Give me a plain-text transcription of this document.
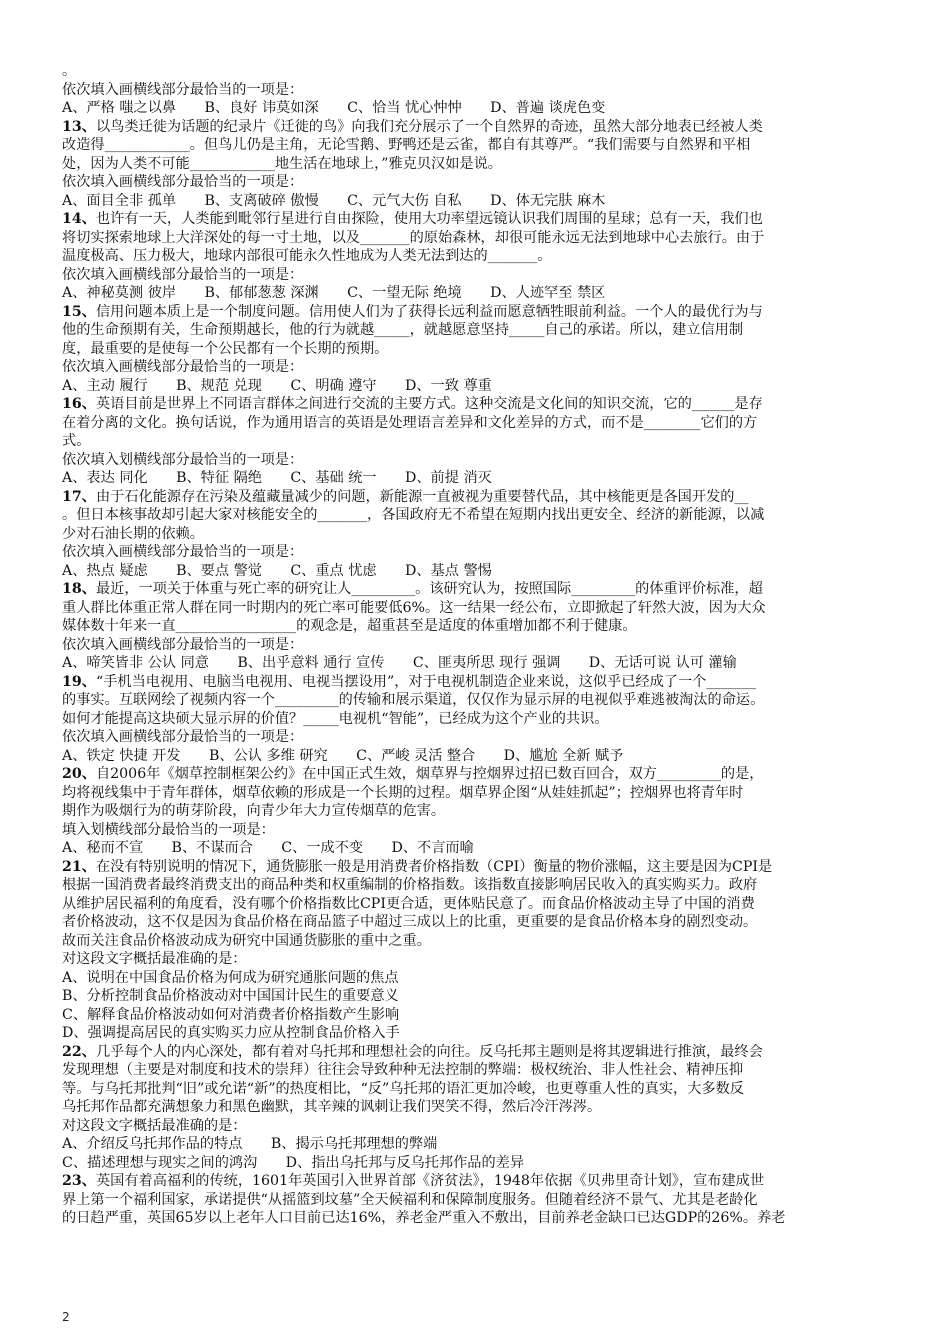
。
依次填入画横线部分最恰当的一项是：
A、严格 嗤之以鼻　　B、良好 讳莫如深　　C、恰当 忧心忡忡　　D、普遍 谈虎色变
13、以鸟类迁徙为话题的纪录片《迁徙的鸟》向我们充分展示了一个自然界的奇迹，虽然大部分地表已经被人类
改造得____________。但鸟儿仍是主角，无论雪鹅、野鸭还是云雀，都自有其尊严。“我们需要与自然界和平相
处，因为人类不可能____________地生活在地球上，”雅克贝汉如是说。
依次填入画横线部分最恰当的一项是：
A、面目全非 孤单　　B、支离破碎 傲慢　　C、元气大伤 自私　　D、体无完肤 麻木
14、也许有一天，人类能到毗邻行星进行自由探险，使用大功率望远镜认识我们周围的星球；总有一天，我们也
将切实探索地球上大洋深处的每一寸土地，以及_______的原始森林，却很可能永远无法到地球中心去旅行。由于
温度极高、压力极大，地球内部很可能永久性地成为人类无法到达的_______。
依次填入画横线部分最恰当的一项是：
A、神秘莫测 彼岸　　B、郁郁葱葱 深渊　　C、一望无际 绝境　　D、人迹罕至 禁区
15、信用问题本质上是一个制度问题。信用使人们为了获得长远利益而愿意牺牲眼前利益。一个人的最优行为与
他的生命预期有关，生命预期越长，他的行为就越_____，就越愿意坚持_____自己的承诺。所以，建立信用制
度，最重要的是使每一个公民都有一个长期的预期。
依次填入画横线部分最恰当的一项是：
A、主动 履行　　B、规范 兑现　　C、明确 遵守　　D、一致 尊重
16、英语目前是世界上不同语言群体之间进行交流的主要方式。这种交流是文化间的知识交流，它的______是存
在着分离的文化。换句话说，作为通用语言的英语是处理语言差异和文化差异的方式，而不是________它们的方
式。
依次填入划横线部分最恰当的一项是：
A、表达 同化　　B、特征 隔绝　　C、基础 统一　　D、前提 消灭
17、由于石化能源存在污染及蕴藏量减少的问题，新能源一直被视为重要替代品，其中核能更是各国开发的__
。但日本核事故却引起大家对核能安全的_______，各国政府无不希望在短期内找出更安全、经济的新能源，以减
少对石油长期的依赖。
依次填入画横线部分最恰当的一项是：
A、热点 疑虑　　B、要点 警觉　　C、重点 忧虑　　D、基点 警惕
18、最近，一项关于体重与死亡率的研究让人_________。该研究认为，按照国际_________的体重评价标准，超
重人群比体重正常人群在同一时期内的死亡率可能要低6%。这一结果一经公布，立即掀起了轩然大波，因为大众
媒体数十年来一直_________________的观念是，超重甚至是适度的体重增加都不利于健康。
依次填入画横线部分最恰当的一项是：
A、啼笑皆非 公认 同意　　B、出乎意料 通行 宣传　　C、匪夷所思 现行 强调　　D、无话可说 认可 灌输
19、“手机当电视用、电脑当电视用、电视当摆设用”，对于电视机制造企业来说，这似乎已经成了一个_______
的事实。互联网绘了视频内容一个_________的传输和展示渠道，仅仅作为显示屏的电视似乎难逃被淘汰的命运。
如何才能提高这块硕大显示屏的价值？_____电视机“智能”，已经成为这个产业的共识。
依次填入画横线部分最恰当的一项是：
A、铁定 快捷 开发　　B、公认 多维 研究　　C、严峻 灵活 整合　　D、尴尬 全新 赋予
20、自2006年《烟草控制框架公约》在中国正式生效，烟草界与控烟界过招已数百回合，双方_________的是，
均将视线集中于青年群体，烟草依赖的形成是一个长期的过程。烟草界企图“从娃娃抓起”；控烟界也将青年时
期作为吸烟行为的萌芽阶段，向青少年大力宣传烟草的危害。
填入划横线部分最恰当的一项是：
A、秘而不宣　　B、不谋而合　　C、一成不变　　D、不言而喻
21、在没有特别说明的情况下，通货膨胀一般是用消费者价格指数（CPI）衡量的物价涨幅，这主要是因为CPI是
根据一国消费者最终消费支出的商品种类和权重编制的价格指数。该指数直接影响居民收入的真实购买力。政府
从维护居民福利的角度看，没有哪个价格指数比CPI更合适，更体贴民意了。而食品价格波动主导了中国的消费
者价格波动，这不仅是因为食品价格在商品篮子中超过三成以上的比重，更重要的是食品价格本身的剧烈变动。
故而关注食品价格波动成为研究中国通货膨胀的重中之重。
对这段文字概括最准确的是：
A、说明在中国食品价格为何成为研究通胀问题的焦点
B、分析控制食品价格波动对中国国计民生的重要意义
C、解释食品价格波动如何对消费者价格指数产生影响
D、强调提高居民的真实购买力应从控制食品价格入手
22、几乎每个人的内心深处，都有着对乌托邦和理想社会的向往。反乌托邦主题则是将其逻辑进行推演，最终会
发现理想（主要是对制度和技术的崇拜）往往会导致种种无法控制的弊端：极权统治、非人性社会、精神压抑
等。与乌托邦批判“旧”或允诺“新”的热度相比，“反”乌托邦的语汇更加冷峻，也更尊重人性的真实，大多数反
乌托邦作品都充满想象力和黑色幽默，其辛辣的讽刺让我们哭笑不得，然后冷汗涔涔。
对这段文字概括最准确的是：
A、介绍反乌托邦作品的特点　　B、揭示乌托邦理想的弊端
C、描述理想与现实之间的鸿沟　　D、指出乌托邦与反乌托邦作品的差异
23、英国有着高福利的传统，1601年英国引入世界首部《济贫法》，1948年依据《贝弗里奇计划》，宣布建成世
界上第一个福利国家，承诺提供“从摇篮到坟墓”全天候福利和保障制度服务。但随着经济不景气、尤其是老龄化
的日趋严重，英国65岁以上老年人口目前已达16%，养老金严重入不敷出，目前养老金缺口已达GDP的26%。养老
2
